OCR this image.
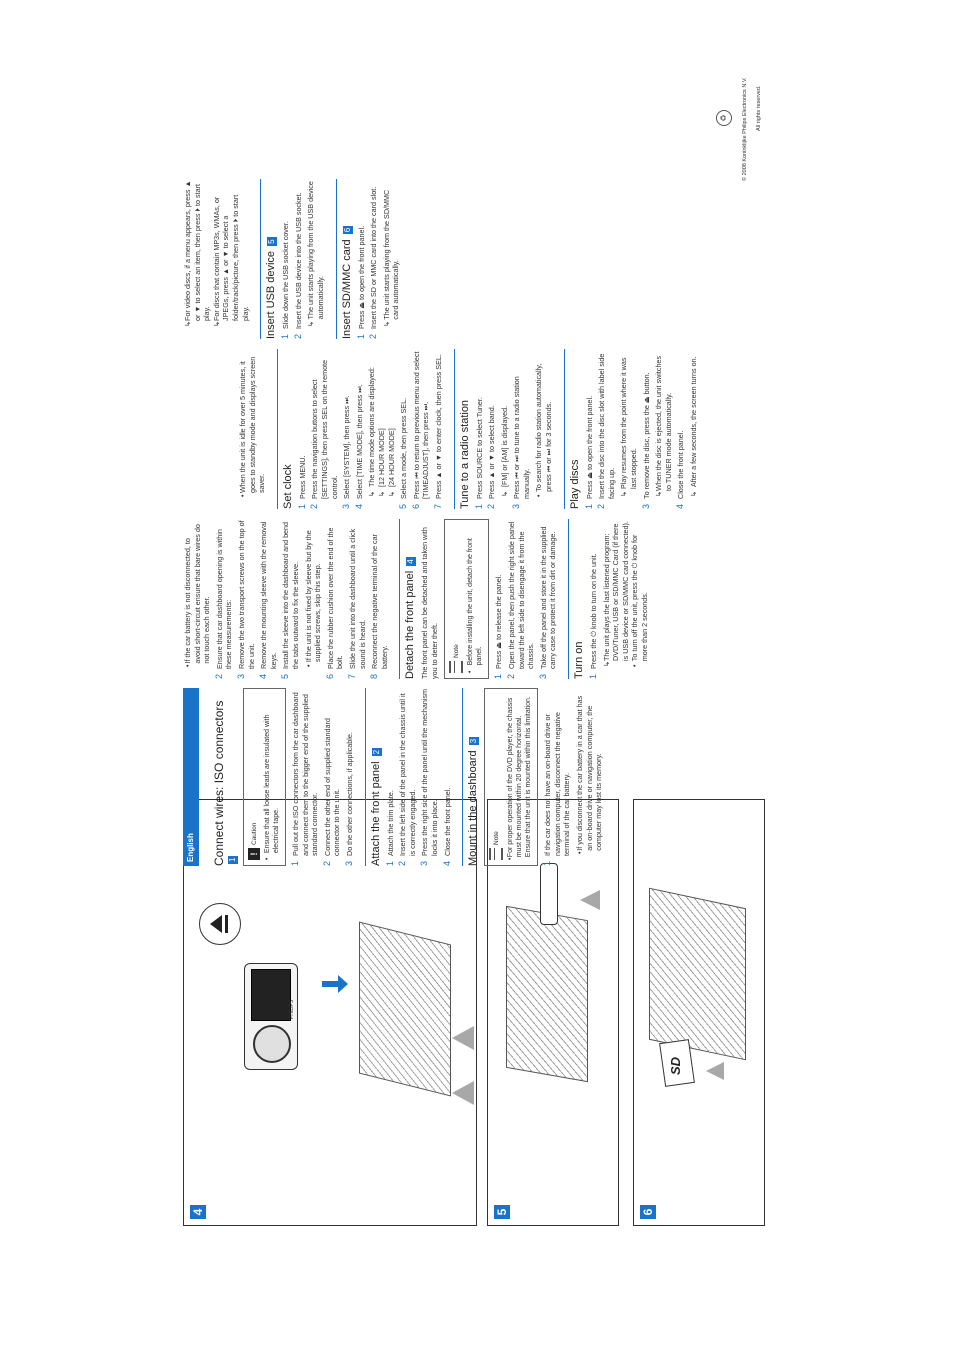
4
PHILIPS
5	6
SD
English	Connect wires: ISO connectors 1
!
Caution
•
Ensure that all loose leads are insulated with electrical tape.
1
Pull out the ISO connectors from the car dashboard and connect them to the bigger end of the supplied standard connector.
2
Connect the other end of supplied standard connector to the unit.
3
Do the other connections, if applicable.	Attach the front panel 2
1
Attach the trim plate.
2
Insert the left side of the panel in the chassis until it is correctly engaged.
3
Press the right side of the panel until the mechanism locks it into place.
4
Close the front panel.	Mount in the dashboard 3
Note
•
For proper operation of the DVD player, the chassis must be mounted within 20 degree horizontal. Ensure that the unit is mounted within this limitation.
1
If the car does not have an on-board drive or navigation computer, disconnect the negative terminal of the car battery. •
If you disconnect the car battery in a car that has an on-board drive or navigation computer, the computer may lost its memory.
•
If the car battery is not disconnected, to avoid short-circuit ensure that bare wires do not touch each other.
2
Ensure that car dashboard opening is within these measurements:
3
Remove the two transport screws on the top of the unit.
4
Remove the mounting sleeve with the removal keys.
5
Install the sleeve into the dashboard and bend the tabs outward to fix the sleeve. •
If the unit is not fixed by sleeve but by the supplied screws, skip this step.
6
Place the rubber cushion over the end of the bolt.
7
Slide the unit into the dashboard until a click sound is heard.
8
Reconnect the negative terminal of the car battery.	Detach the front panel 4 The front panel can be detached and taken with you to deter theft. Note
•
Before installing the unit, detach the front panel.
1
Press ⏏ to release the panel.
2
Open the panel, then push the right side panel toward the left side to disengage it from the chassis.
3
Take off the panel and store it in the supplied carry case to protect it from dirt or damage.	Turn on 1
Press the ⏻ knob to turn on the unit. ↳
The unit plays the last listened program: DVD/Tuner, USB or SD/MMC Card (if there is USB device or SD/MMC card connected).
•
To turn off the unit, press the ⏻ knob for more than 2 seconds.
•
When the unit is idle for over 5 minutes, it goes to standby mode and displays screen saver.	Set clock 1
Press MENU.
2
Press the navigation buttons to select [SETTINGS], then press SEL on the remote control.
3
Select [SYSTEM], then press ⏭.
4
Select [TIME MODE], then press ⏭. ↳
The time mode options are displayed:
↳
[12 HOUR MODE]
↳
[24 HOUR MODE]
5
Select a mode, then press SEL.
6
Press ⏮ to return to previous menu and select [TIMEADJUST], then press ⏭.
7
Press ▲ or ▼ to enter clock, then press SEL.	Tune to a radio station 1
Press SOURCE to select Tuner.
2
Press ▲ or ▼ to select band. ↳
[FM] or [AM] is displayed.
3
Press ⏮ or ⏭ to tune to a radio station manually. •
To search for radio station automatically, press ⏮ or ⏭ for 3 seconds.	Play discs 1
Press ⏏ to open the front panel.
2
Insert the disc into the disc slot with label side facing up. ↳
Play resumes from the point where it was last stopped.
3
To remove the disc, press the ⏏ button. ↳
When the disc is ejected, the unit switches to TUNER mode automatically.
4
Close the front panel. ↳
After a few seconds, the screen turns on.
↳
For video discs, if a menu appears, press ▲ or ▼ to select an item, then press ⏵ to start play.
↳
For discs that contain MP3s, WMAs, or JPEGs, press ▲ or ▼ to select a folder/track/picture, then press ⏵ to start play.	Insert USB device 5
1
Slide down the USB socket cover.
2
Insert the USB device into the USB socket. ↳
The unit starts playing from the USB device automatically.	Insert SD/MMC card 6
1
Press ⏏ to open the front panel.
2
Insert the SD or MMC card into the card slot. ↳
The unit starts playing from the SD/MMC card automatically.
♻	© 2008 Koninklijke Philips Electronics N.V. All rights reserved.
